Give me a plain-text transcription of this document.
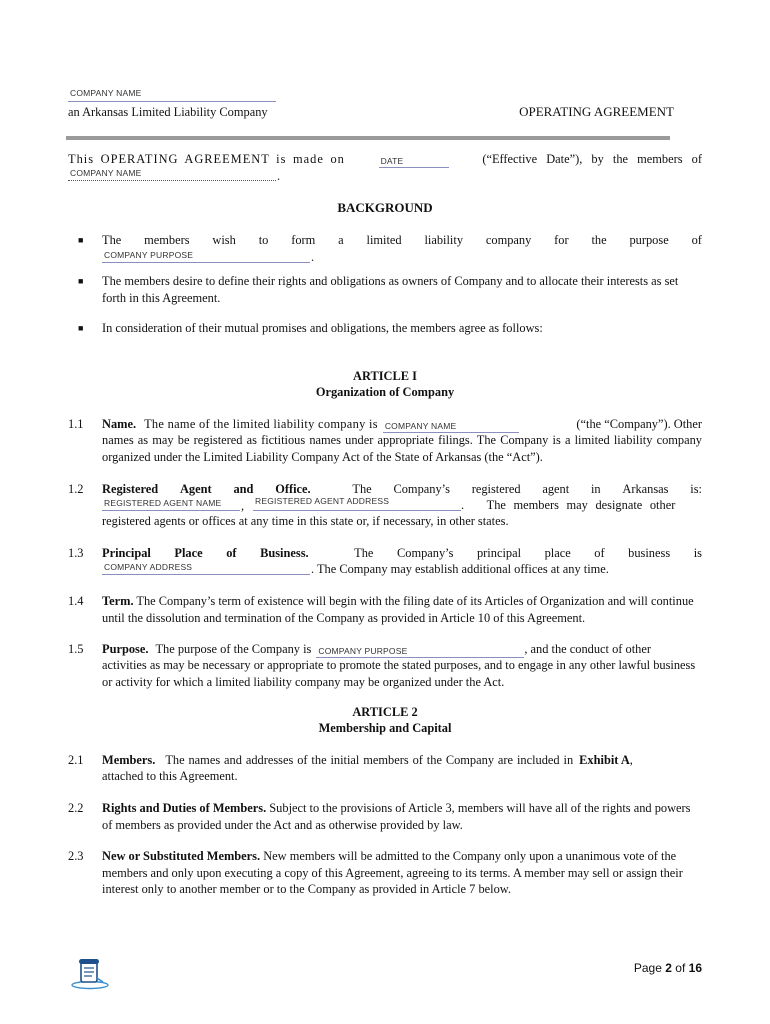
COMPANY NAME
an Arkansas Limited Liability Company	OPERATING AGREEMENT
This OPERATING AGREEMENT is made on	DATE	(“Effective Date”), by the members of
COMPANY NAME	.
BACKGROUND
■ The members wish to form a limited liability company for the purpose of
COMPANY PURPOSE	.
■ The members desire to define their rights and obligations as owners of Company and to allocate their interests as set forth in this Agreement.
■ In consideration of their mutual promises and obligations, the members agree as follows:
ARTICLE I
Organization of Company
1.1 Name. The name of the limited liability company is COMPANY NAME	(“the “Company”). Other
names as may be registered as fictitious names under appropriate filings. The Company is a limited liability company organized under the Limited Liability Company Act of the State of Arkansas (the “Act”).
1.2 Registered Agent and Office.	The Company’s registered agent in Arkansas is:
REGISTERED AGENT NAME , REGISTERED AGENT ADDRESS	.   The members may designate other
registered agents or offices at any time in this state or, if necessary, in other states.
1.3 Principal Place of Business.	The Company’s principal place of business is
COMPANY ADDRESS	. The Company may establish additional offices at any time.
1.4 Term. The Company’s term of existence will begin with the filing date of its Articles of Organization and will continue until the dissolution and termination of the Company as provided in Article 10 of this Agreement.
1.5 Purpose. The purpose of the Company is COMPANY PURPOSE	, and the conduct of other
activities as may be necessary or appropriate to promote the stated purposes, and to engage in any other lawful business or activity for which a limited liability company may be organized under the Act.
ARTICLE 2
Membership and Capital
2.1 Members. The names and addresses of the initial members of the Company are included in Exhibit A ,
attached to this Agreement.
2.2 Rights and Duties of Members. Subject to the provisions of Article 3, members will have all of the rights and powers of members as provided under the Act and as otherwise provided by law.
2.3 New or Substituted Members. New members will be admitted to the Company only upon a unanimous vote of the members and only upon executing a copy of this Agreement, agreeing to its terms. A member may sell or assign their interest only to another member or to the Company as provided in Article 7 below.
Page 2 of 16
